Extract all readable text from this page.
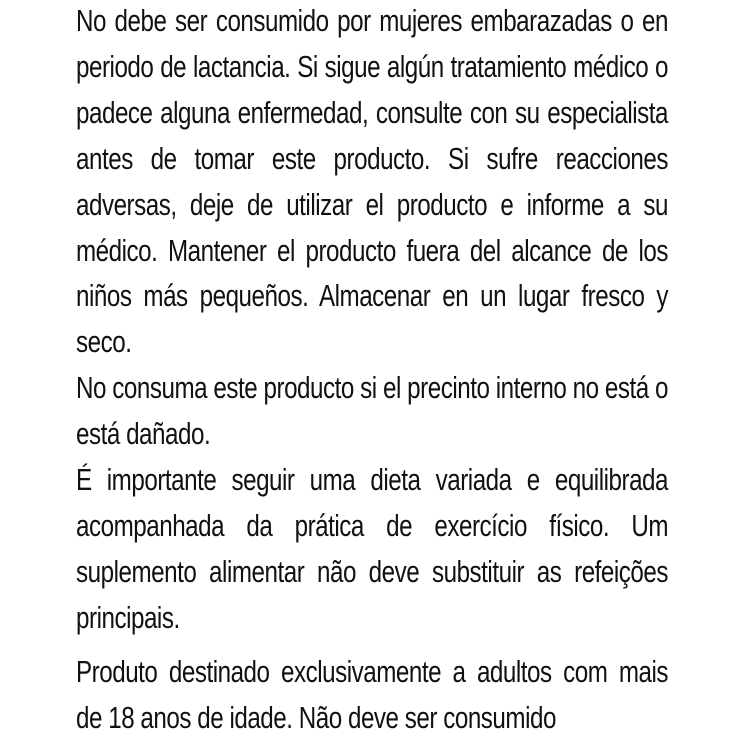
No debe ser consumido por mujeres embarazadas o en periodo de lactancia. Si sigue algún tratamiento médico o padece alguna enfermedad, consulte con su especialista antes de tomar este producto. Si sufre reacciones adversas, deje de utilizar el producto e informe a su médico. Mantener el producto fuera del alcance de los niños más pequeños. Almacenar en un lugar fresco y seco.

No consuma este producto si el precinto interno no está o está dañado.

É importante seguir uma dieta variada e equilibrada acompanhada da prática de exercício físico. Um suplemento alimentar não deve substituir as refeições principais.

Produto destinado exclusivamente a adultos com mais de 18 anos de idade. Não deve ser consumido
